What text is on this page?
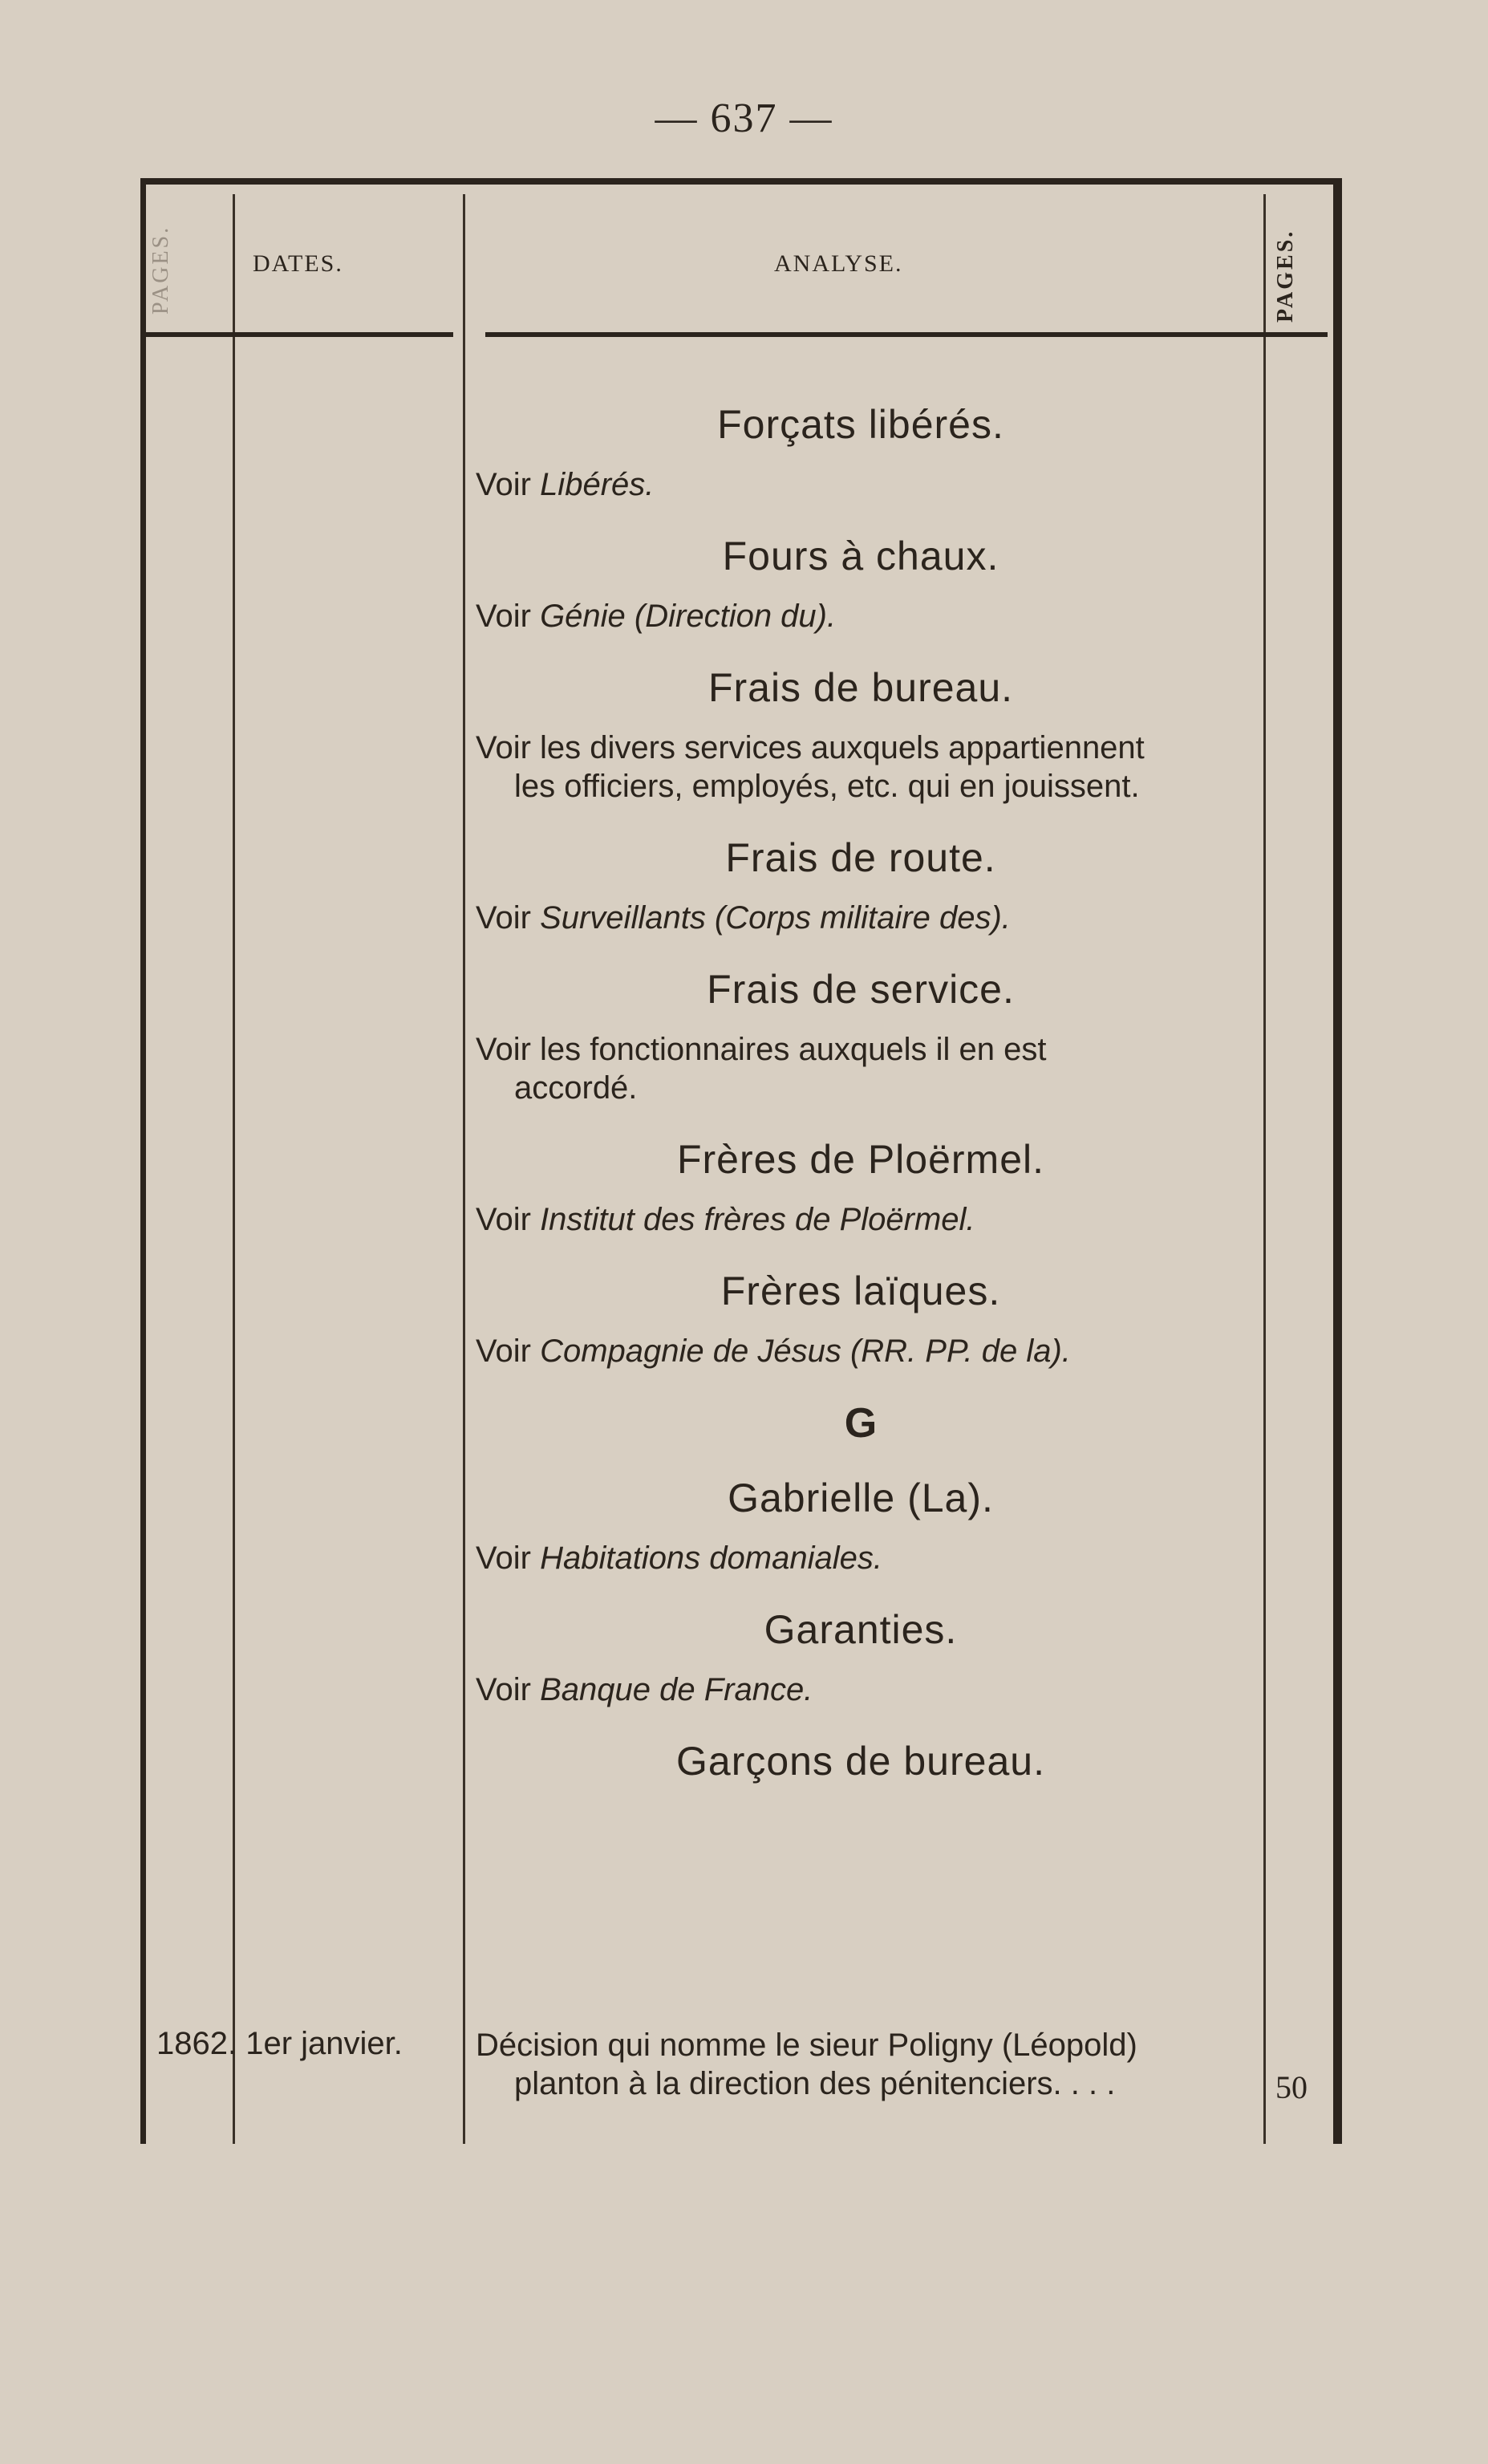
— 637 —
PAGES.	DATES.	ANALYSE.	PAGES.
Forçats libérés.
Voir Libérés.
Fours à chaux.
Voir Génie (Direction du).
Frais de bureau.
Voir les divers services auxquels appartiennent
les officiers, employés, etc. qui en jouissent.
Frais de route.
Voir Surveillants (Corps militaire des).
Frais de service.
Voir les fonctionnaires auxquels il en est
accordé.
Frères de Ploërmel.
Voir Institut des frères de Ploërmel.
Frères laïques.
Voir Compagnie de Jésus (RR. PP. de la).
G
Gabrielle (La).
Voir Habitations domaniales.
Garanties.
Voir Banque de France.
Garçons de bureau.
1862. 1er janvier. Décision qui nomme le sieur Poligny (Léopold)
planton à la direction des pénitenciers. . . .	50
